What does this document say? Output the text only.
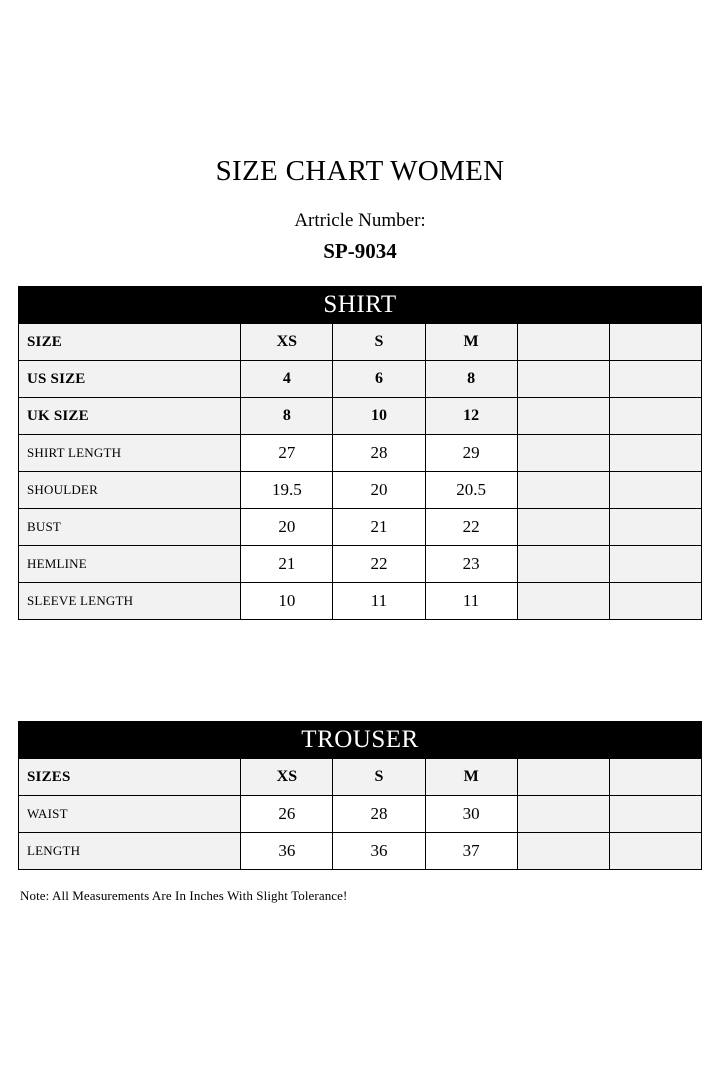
SIZE CHART WOMEN

Artricle Number:

SP-9034

SHIRT					
SIZE	XS	S	M		
US SIZE	4	6	8		
UK SIZE	8	10	12		
SHIRT LENGTH	27	28	29		
SHOULDER	19.5	20	20.5		
BUST	20	21	22		
HEMLINE	21	22	23		
SLEEVE LENGTH	10	11	11		
TROUSER					
SIZES	XS	S	M		
WAIST	26	28	30		
LENGTH	36	36	37		
Note: All Measurements Are In Inches With Slight Tolerance!
